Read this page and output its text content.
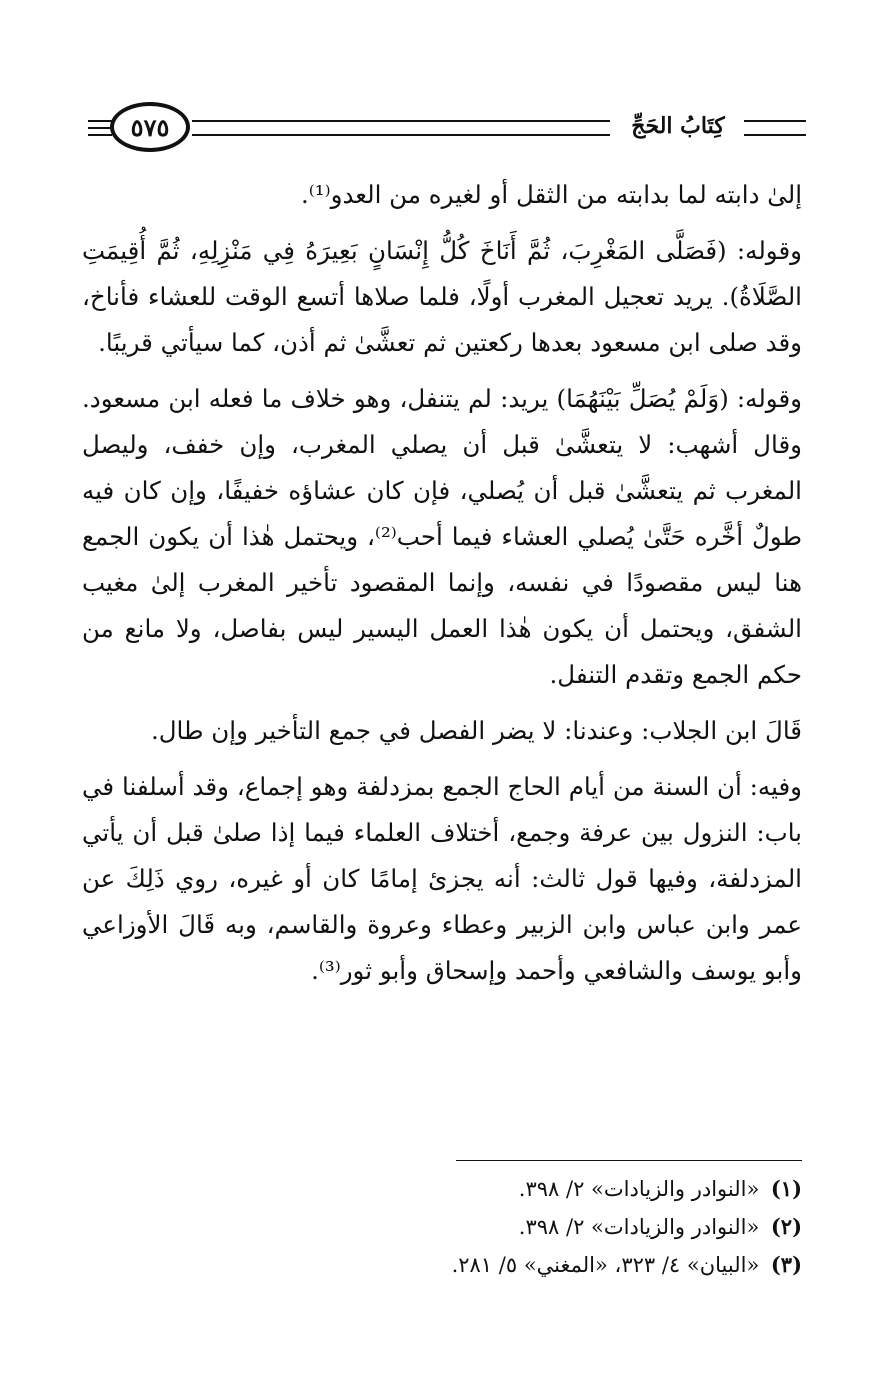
٥٧٥	كِتَابُ الحَجِّ

إلىٰ دابته لما بدابته من الثقل أو لغيره من العدو⁽¹⁾.

وقوله: (فَصَلَّى المَغْرِبَ، ثُمَّ أَنَاخَ كُلُّ إِنْسَانٍ بَعِيرَهُ فِي مَنْزِلِهِ، ثُمَّ أُقِيمَتِ الصَّلَاةُ). يريد تعجيل المغرب أولًا، فلما صلاها أتسع الوقت للعشاء فأناخ، وقد صلى ابن مسعود بعدها ركعتين ثم تعشَّىٰ ثم أذن، كما سيأتي قريبًا.

وقوله: (وَلَمْ يُصَلِّ بَيْنَهُمَا) يريد: لم يتنفل، وهو خلاف ما فعله ابن مسعود. وقال أشهب: لا يتعشَّىٰ قبل أن يصلي المغرب، وإن خفف، وليصل المغرب ثم يتعشَّىٰ قبل أن يُصلي، فإن كان عشاؤه خفيفًا، وإن كان فيه طولٌ أخَّره حَتَّىٰ يُصلي العشاء فيما أحب⁽²⁾، ويحتمل هٰذا أن يكون الجمع هنا ليس مقصودًا في نفسه، وإنما المقصود تأخير المغرب إلىٰ مغيب الشفق، ويحتمل أن يكون هٰذا العمل اليسير ليس بفاصل، ولا مانع من حكم الجمع وتقدم التنفل.

قَالَ ابن الجلاب: وعندنا: لا يضر الفصل في جمع التأخير وإن طال.

وفيه: أن السنة من أيام الحاج الجمع بمزدلفة وهو إجماع، وقد أسلفنا في باب: النزول بين عرفة وجمع، أختلاف العلماء فيما إذا صلىٰ قبل أن يأتي المزدلفة، وفيها قول ثالث: أنه يجزئ إمامًا كان أو غيره، روي ذَلِكَ عن عمر وابن عباس وابن الزبير وعطاء وعروة والقاسم، وبه قَالَ الأوزاعي وأبو يوسف والشافعي وأحمد وإسحاق وأبو ثور⁽³⁾.

(١) «النوادر والزيادات» ٢/ ٣٩٨.
(٢) «النوادر والزيادات» ٢/ ٣٩٨.
(٣) «البيان» ٤/ ٣٢٣، «المغني» ٥/ ٢٨١.
